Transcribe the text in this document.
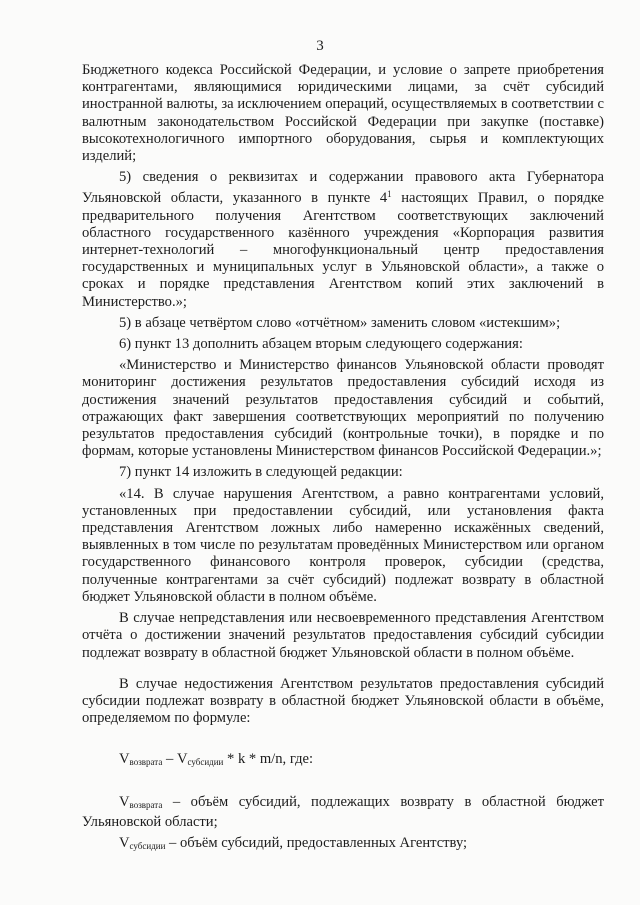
3

Бюджетного кодекса Российской Федерации, и условие о запрете приобретения контрагентами, являющимися юридическими лицами, за счёт субсидий иностранной валюты, за исключением операций, осуществляемых в соответствии с валютным законодательством Российской Федерации при закупке (поставке) высокотехнологичного импортного оборудования, сырья и комплектующих изделий;

5) сведения о реквизитах и содержании правового акта Губернатора Ульяновской области, указанного в пункте $4^1$ настоящих Правил, о порядке предварительного получения Агентством соответствующих заключений областного государственного казённого учреждения «Корпорация развития интернет-технологий – многофункциональный центр предоставления государственных и муниципальных услуг в Ульяновской области», а также о сроках и порядке представления Агентством копий этих заключений в Министерство.»;

5) в абзаце четвёртом слово «отчётном» заменить словом «истекшим»;

6) пункт 13 дополнить абзацем вторым следующего содержания:

«Министерство и Министерство финансов Ульяновской области проводят мониторинг достижения результатов предоставления субсидий исходя из достижения значений результатов предоставления субсидий и событий, отражающих факт завершения соответствующих мероприятий по получению результатов предоставления субсидий (контрольные точки), в порядке и по формам, которые установлены Министерством финансов Российской Федерации.»;

7) пункт 14 изложить в следующей редакции:

«14. В случае нарушения Агентством, а равно контрагентами условий, установленных при предоставлении субсидий, или установления факта представления Агентством ложных либо намеренно искажённых сведений, выявленных в том числе по результатам проведённых Министерством или органом государственного финансового контроля проверок, субсидии (средства, полученные контрагентами за счёт субсидий) подлежат возврату в областной бюджет Ульяновской области в полном объёме.

В случае непредставления или несвоевременного представления Агентством отчёта о достижении значений результатов предоставления субсидий субсидии подлежат возврату в областной бюджет Ульяновской области в полном объёме.

В случае недостижения Агентством результатов предоставления субсидий субсидии подлежат возврату в областной бюджет Ульяновской области в объёме, определяемом по формуле:

$V_{возврата} - V_{субсидии}$ * k * m/n, где:

$V_{возврата}$ – объём субсидий, подлежащих возврату в областной бюджет Ульяновской области;

$V_{субсидии}$ – объём субсидий, предоставленных Агентству;
